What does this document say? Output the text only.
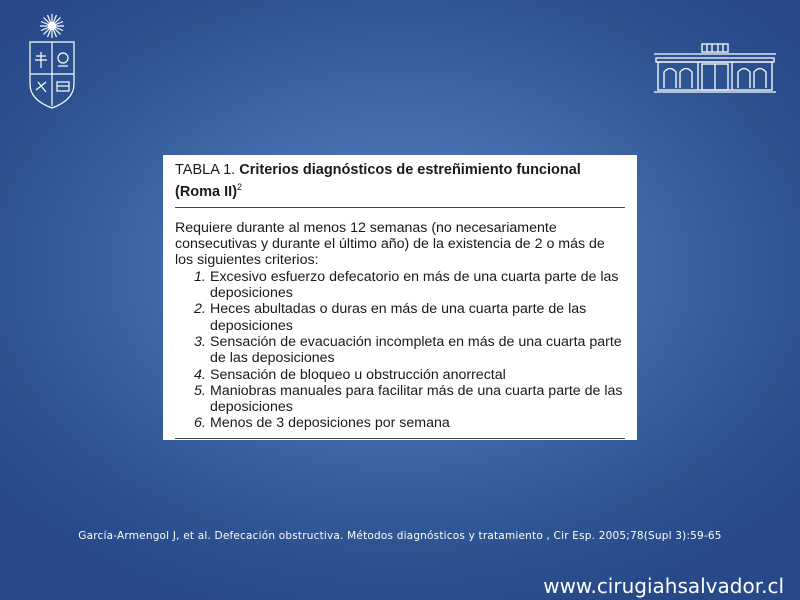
TABLA 1. Criterios diagnósticos de estreñimiento funcional
(Roma II)$^2$
Requiere durante al menos 12 semanas (no necesariamente consecutivas y durante el último año) de la existencia de 2 o más de los siguientes criterios:
1. Excesivo esfuerzo defecatorio en más de una cuarta parte de las deposiciones
2. Heces abultadas o duras en más de una cuarta parte de las deposiciones
3. Sensación de evacuación incompleta en más de una cuarta parte de las deposiciones
4. Sensación de bloqueo u obstrucción anorrectal
5. Maniobras manuales para facilitar más de una cuarta parte de las deposiciones
6. Menos de 3 deposiciones por semana
García-Armengol J, et al. Defecación obstructiva. Métodos diagnósticos y tratamiento , Cir Esp. 2005;78(Supl 3):59-65
www.cirugiahsalvador.cl
